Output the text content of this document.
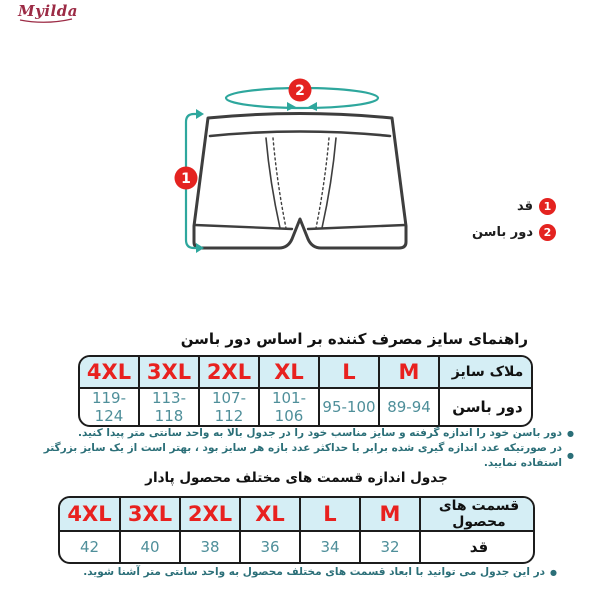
Myilda
2
1
1
قد
2
دور باسن
راهنمای سایز مصرف کننده بر اساس دور باسن
ملاک سایز	M	L	XL	2XL	3XL	4XL
دور باسن	89-94	95-100	101-106	107-112	113-118	119-124
●
دور باسن خود را اندازه گرفته و سایز مناسب خود را در جدول بالا به واحد سانتی متر پیدا کنید.
●
در صورتیکه عدد اندازه گیری شده برابر با حداکثر عدد بازه هر سایز بود ، بهتر است از یک سایز بزرگتر استفاده نمایید.
جدول اندازه قسمت های مختلف محصول پادار
قسمت های محصول	M	L	XL	2XL	3XL	4XL
قد	32	34	36	38	40	42
●
در این جدول می توانید با ابعاد قسمت های مختلف محصول به واحد سانتی متر آشنا شوید.
